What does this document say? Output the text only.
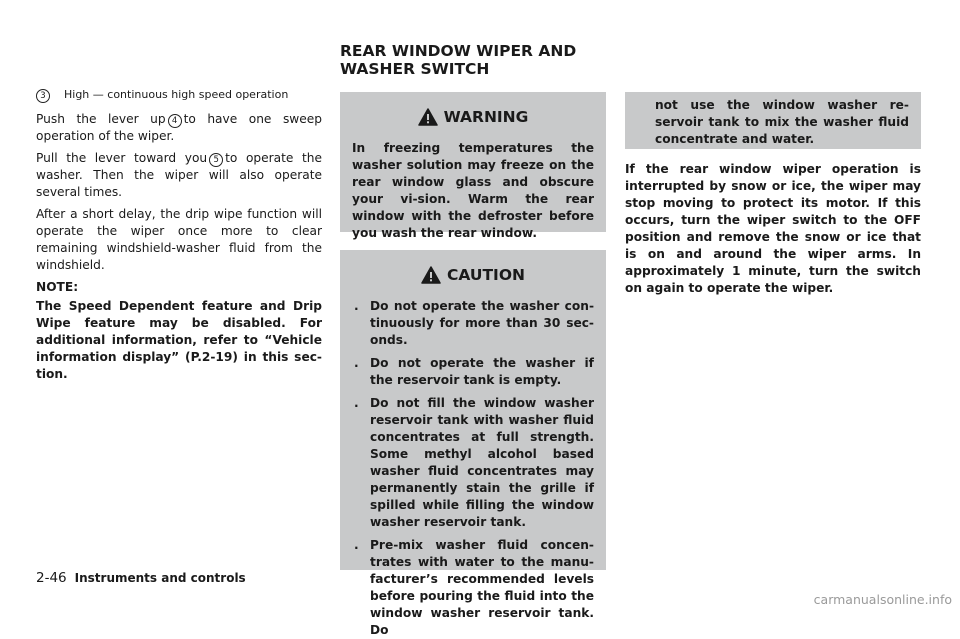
3 High — continuous high speed operation

Push the lever up 4 to have one sweep operation of the wiper.

Pull the lever toward you 5 to operate the washer. Then the wiper will also operate several times.

After a short delay, the drip wipe function will operate the wiper once more to clear remaining windshield-washer fluid from the windshield.

NOTE:

The Speed Dependent feature and Drip Wipe feature may be disabled. For additional information, refer to “Vehicle information display” (P.2-19) in this sec-tion.

REAR WINDOW WIPER AND WASHER SWITCH
WARNING

In freezing temperatures the washer solution may freeze on the rear window glass and obscure your vi-sion. Warm the rear window with the defroster before you wash the rear window.

CAUTION
. Do not operate the washer con-tinuously for more than 30 sec-onds.
. Do not operate the washer if the reservoir tank is empty.
. Do not fill the window washer reservoir tank with washer fluid concentrates at full strength. Some methyl alcohol based washer fluid concentrates may permanently stain the grille if spilled while filling the window washer reservoir tank.
. Pre-mix washer fluid concen-trates with water to the manu-facturer’s recommended levels before pouring the fluid into the window washer reservoir tank. Do

not use the window washer re-servoir tank to mix the washer fluid concentrate and water.

If the rear window wiper operation is interrupted by snow or ice, the wiper may stop moving to protect its motor. If this occurs, turn the wiper switch to the OFF position and remove the snow or ice that is on and around the wiper arms. In approximately 1 minute, turn the switch on again to operate the wiper.

2-46 Instruments and controls
carmanualsonline.info
